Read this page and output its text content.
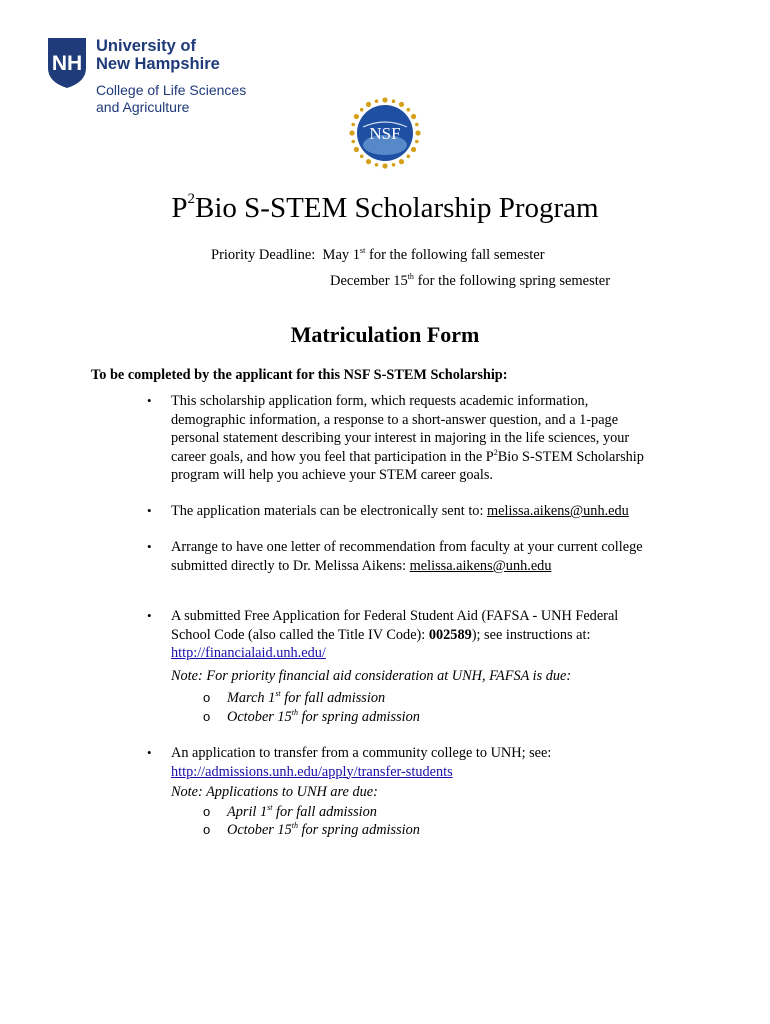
NH
University of
New Hampshire
College of Life Sciences
and Agriculture
NSF
$P^2Bio$ S-STEM Scholarship Program
Priority Deadline: May 1st for the following fall semester
December 15th for the following spring semester
Matriculation Form
To be completed by the applicant for this NSF S-STEM Scholarship:
• This scholarship application form, which requests academic information,
demographic information, a response to a short-answer question, and a 1-page
personal statement describing your interest in majoring in the life sciences, your
career goals, and how you feel that participation in the $P^2Bio$ S-STEM Scholarship
program will help you achieve your STEM career goals.
• The application materials can be electronically sent to: melissa.aikens@unh.edu
• Arrange to have one letter of recommendation from faculty at your current college
submitted directly to Dr. Melissa Aikens: melissa.aikens@unh.edu
• A submitted Free Application for Federal Student Aid (FAFSA - UNH Federal
School Code (also called the Title IV Code): 002589); see instructions at:
http://financialaid.unh.edu/
Note: For priority financial aid consideration at UNH, FAFSA is due:
o March 1st for fall admission
o October 15th for spring admission
• An application to transfer from a community college to UNH; see:
http://admissions.unh.edu/apply/transfer-students
Note: Applications to UNH are due:
o April 1st for fall admission
o October 15th for spring admission
